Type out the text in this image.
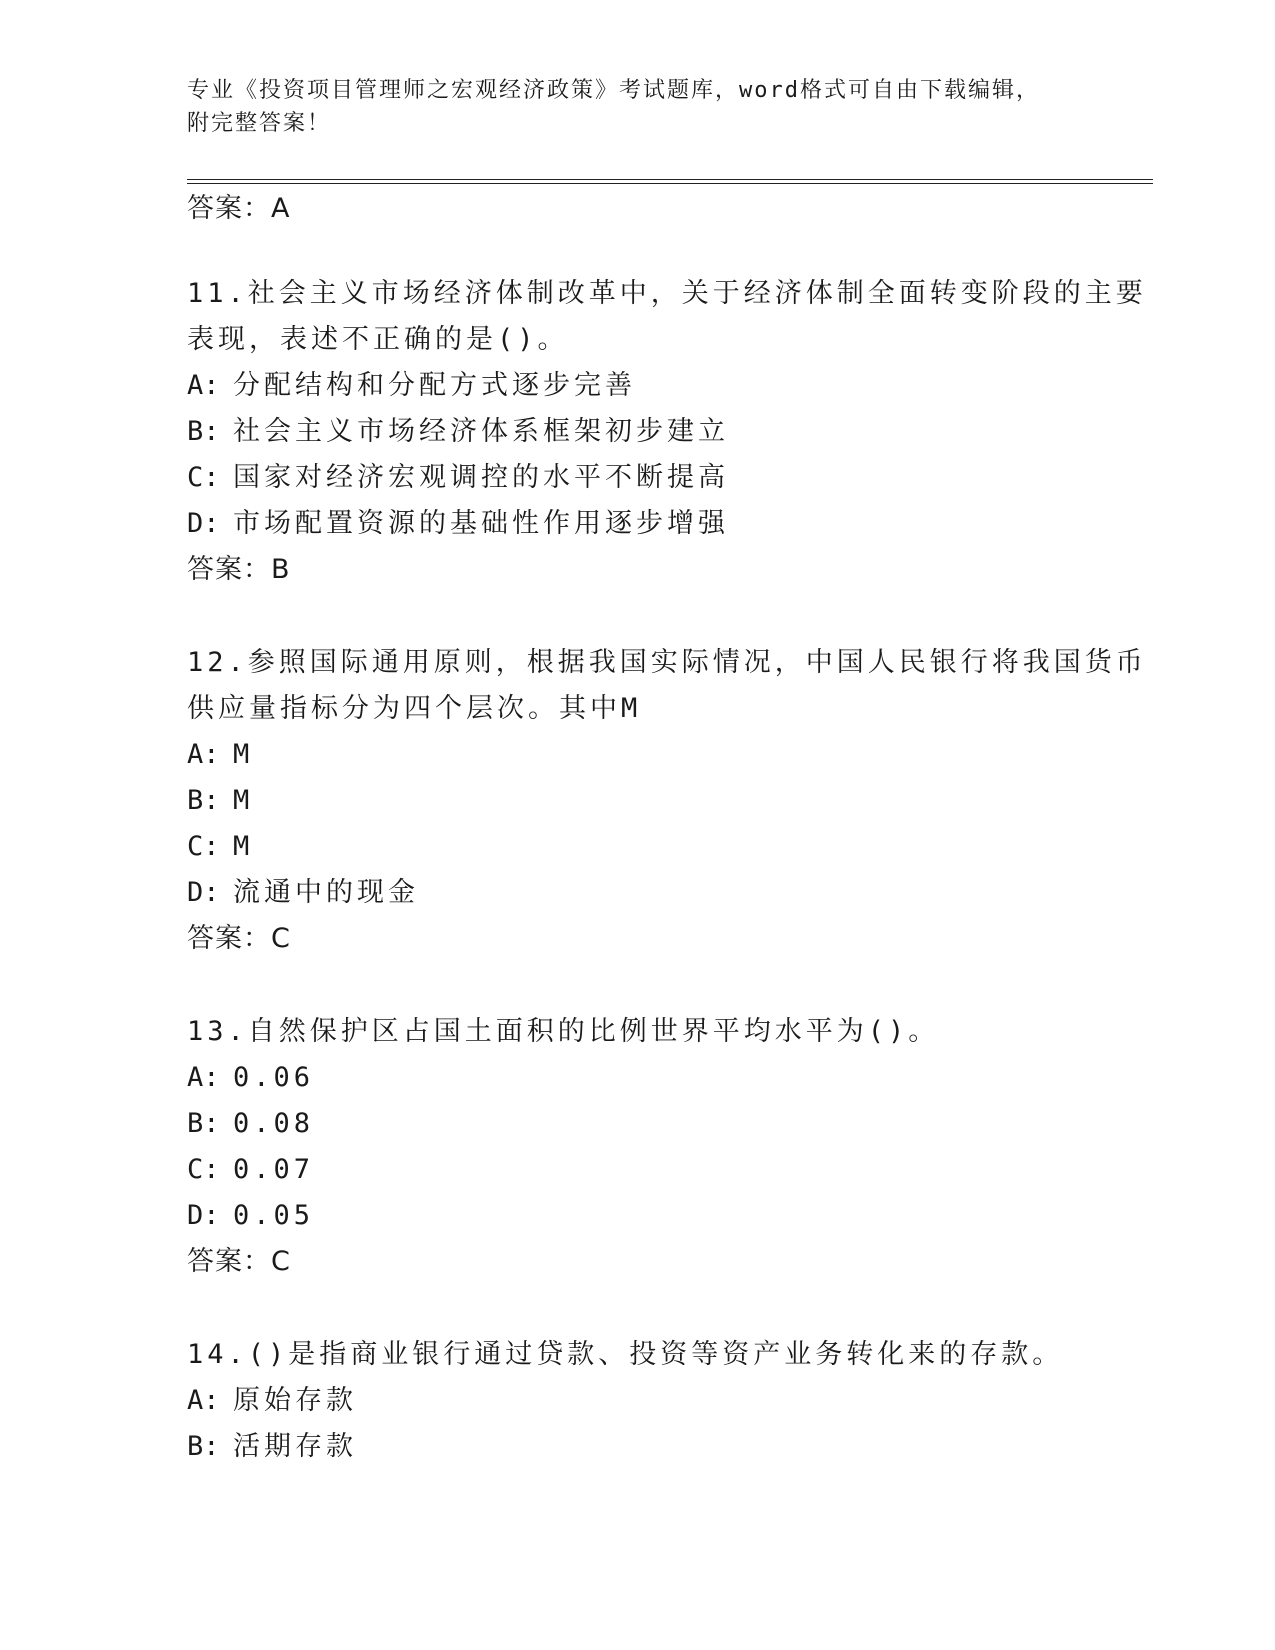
专业《投资项目管理师之宏观经济政策》考试题库，word格式可自由下载编辑，
附完整答案！
答案：A
11.社会主义市场经济体制改革中，关于经济体制全面转变阶段的主要
表现，表述不正确的是()。
A: 分配结构和分配方式逐步完善
B: 社会主义市场经济体系框架初步建立
C: 国家对经济宏观调控的水平不断提高
D: 市场配置资源的基础性作用逐步增强
答案：B
12.参照国际通用原则，根据我国实际情况，中国人民银行将我国货币
供应量指标分为四个层次。其中M
A: M
B: M
C: M
D: 流通中的现金
答案：C
13.自然保护区占国土面积的比例世界平均水平为()。
A: 0.06
B: 0.08
C: 0.07
D: 0.05
答案：C
14.()是指商业银行通过贷款、投资等资产业务转化来的存款。
A: 原始存款
B: 活期存款
